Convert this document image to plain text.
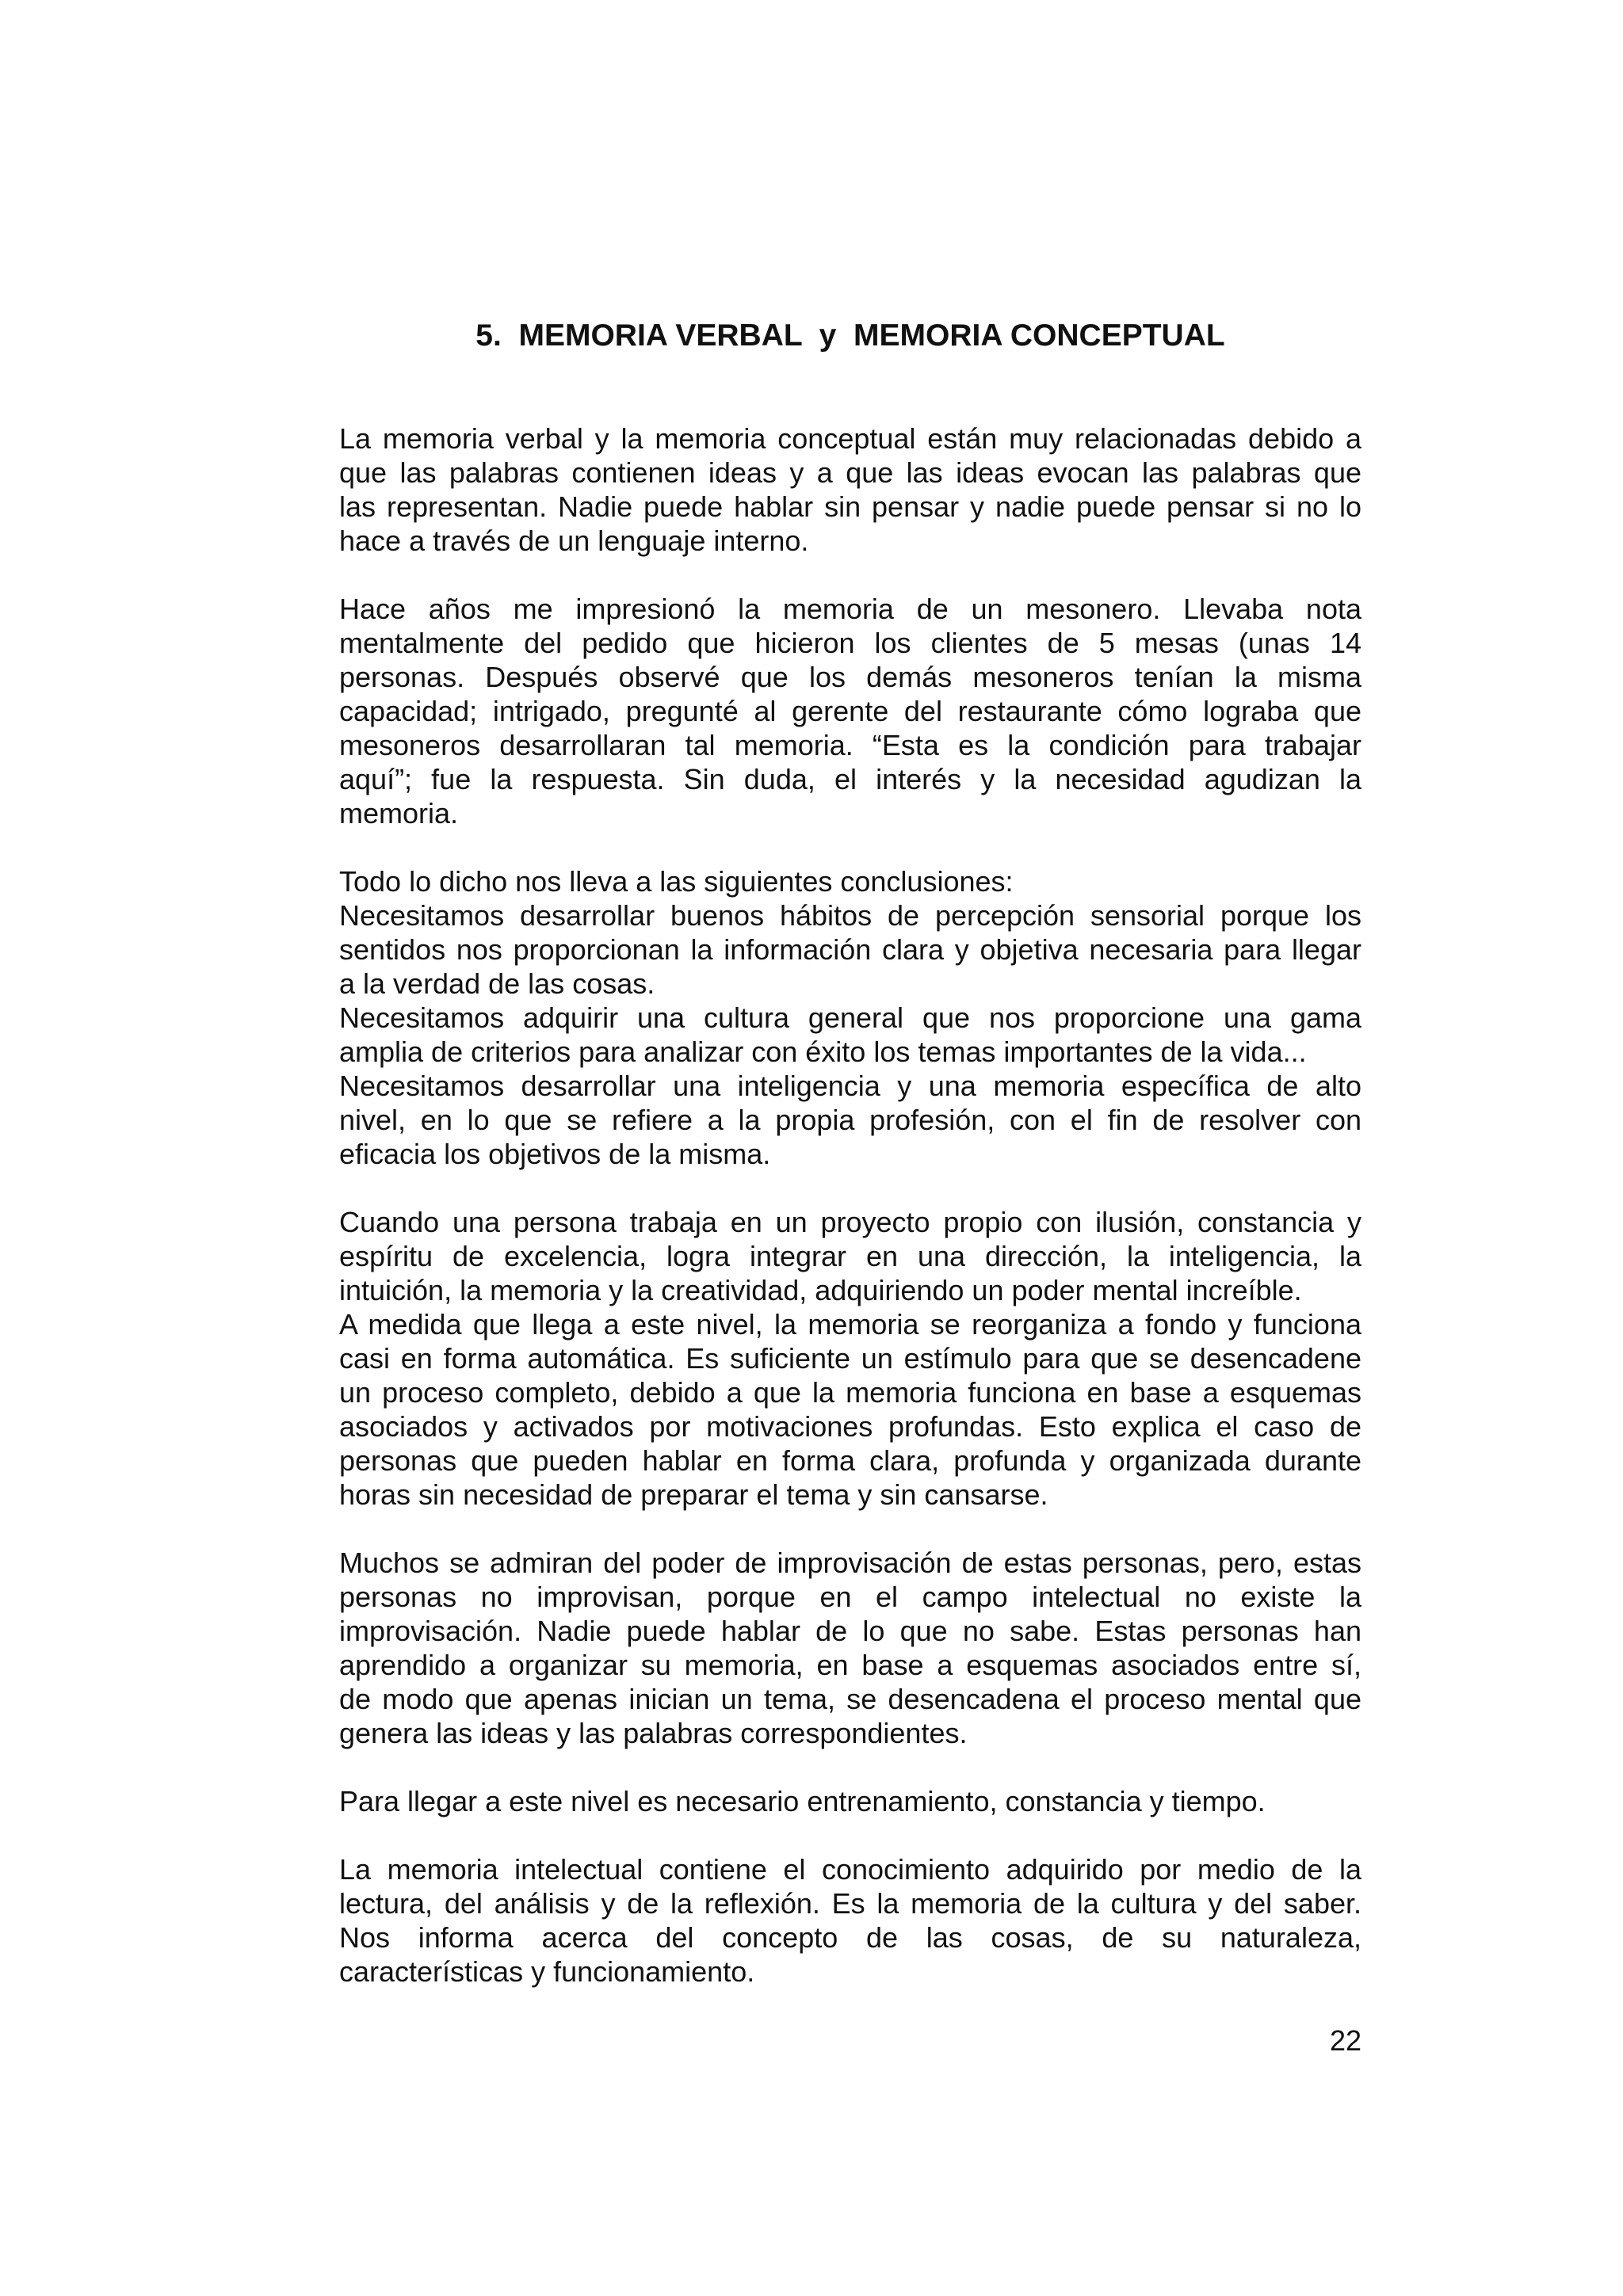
5.  MEMORIA VERBAL  y  MEMORIA CONCEPTUAL
La memoria verbal y la memoria conceptual están muy relacionadas debido a
que las palabras contienen ideas y a que las ideas evocan las palabras que
las representan. Nadie puede hablar sin pensar y nadie puede pensar si no lo
hace a través de un lenguaje interno.
Hace años me impresionó la memoria de un mesonero. Llevaba nota
mentalmente del pedido que hicieron los clientes de 5 mesas (unas 14
personas. Después observé que los demás mesoneros tenían la misma
capacidad; intrigado, pregunté al gerente del restaurante cómo lograba que
mesoneros desarrollaran tal memoria. “Esta es la condición para trabajar
aquí”; fue la respuesta. Sin duda, el interés y la necesidad agudizan la
memoria.
Todo lo dicho nos lleva a las siguientes conclusiones:
Necesitamos desarrollar buenos hábitos de percepción sensorial porque los
sentidos nos proporcionan la información clara y objetiva necesaria para llegar
a la verdad de las cosas.
Necesitamos adquirir una cultura general que nos proporcione una gama
amplia de criterios para analizar con éxito los temas importantes de la vida...
Necesitamos desarrollar una inteligencia y una memoria específica de alto
nivel, en lo que se refiere a la propia profesión, con el fin de resolver con
eficacia los objetivos de la misma.
Cuando una persona trabaja en un proyecto propio con ilusión, constancia y
espíritu de excelencia, logra integrar en una dirección, la inteligencia, la
intuición, la memoria y la creatividad, adquiriendo un poder mental increíble.
A medida que llega a este nivel, la memoria se reorganiza a fondo y funciona
casi en forma automática. Es suficiente un estímulo para que se desencadene
un proceso completo, debido a que la memoria funciona en base a esquemas
asociados y activados por motivaciones profundas. Esto explica el caso de
personas que pueden hablar en forma clara, profunda y organizada durante
horas sin necesidad de preparar el tema y sin cansarse.
Muchos se admiran del poder de improvisación de estas personas, pero, estas
personas no improvisan, porque en el campo intelectual no existe la
improvisación. Nadie puede hablar de lo que no sabe. Estas personas han
aprendido a organizar su memoria, en base a esquemas asociados entre sí,
de modo que apenas inician un tema, se desencadena el proceso mental que
genera las ideas y las palabras correspondientes.
Para llegar a este nivel es necesario entrenamiento, constancia y tiempo.
La memoria intelectual contiene el conocimiento adquirido por medio de la
lectura, del análisis y de la reflexión. Es la memoria de la cultura y del saber.
Nos informa acerca del concepto de las cosas, de su naturaleza,
características y funcionamiento.
22
